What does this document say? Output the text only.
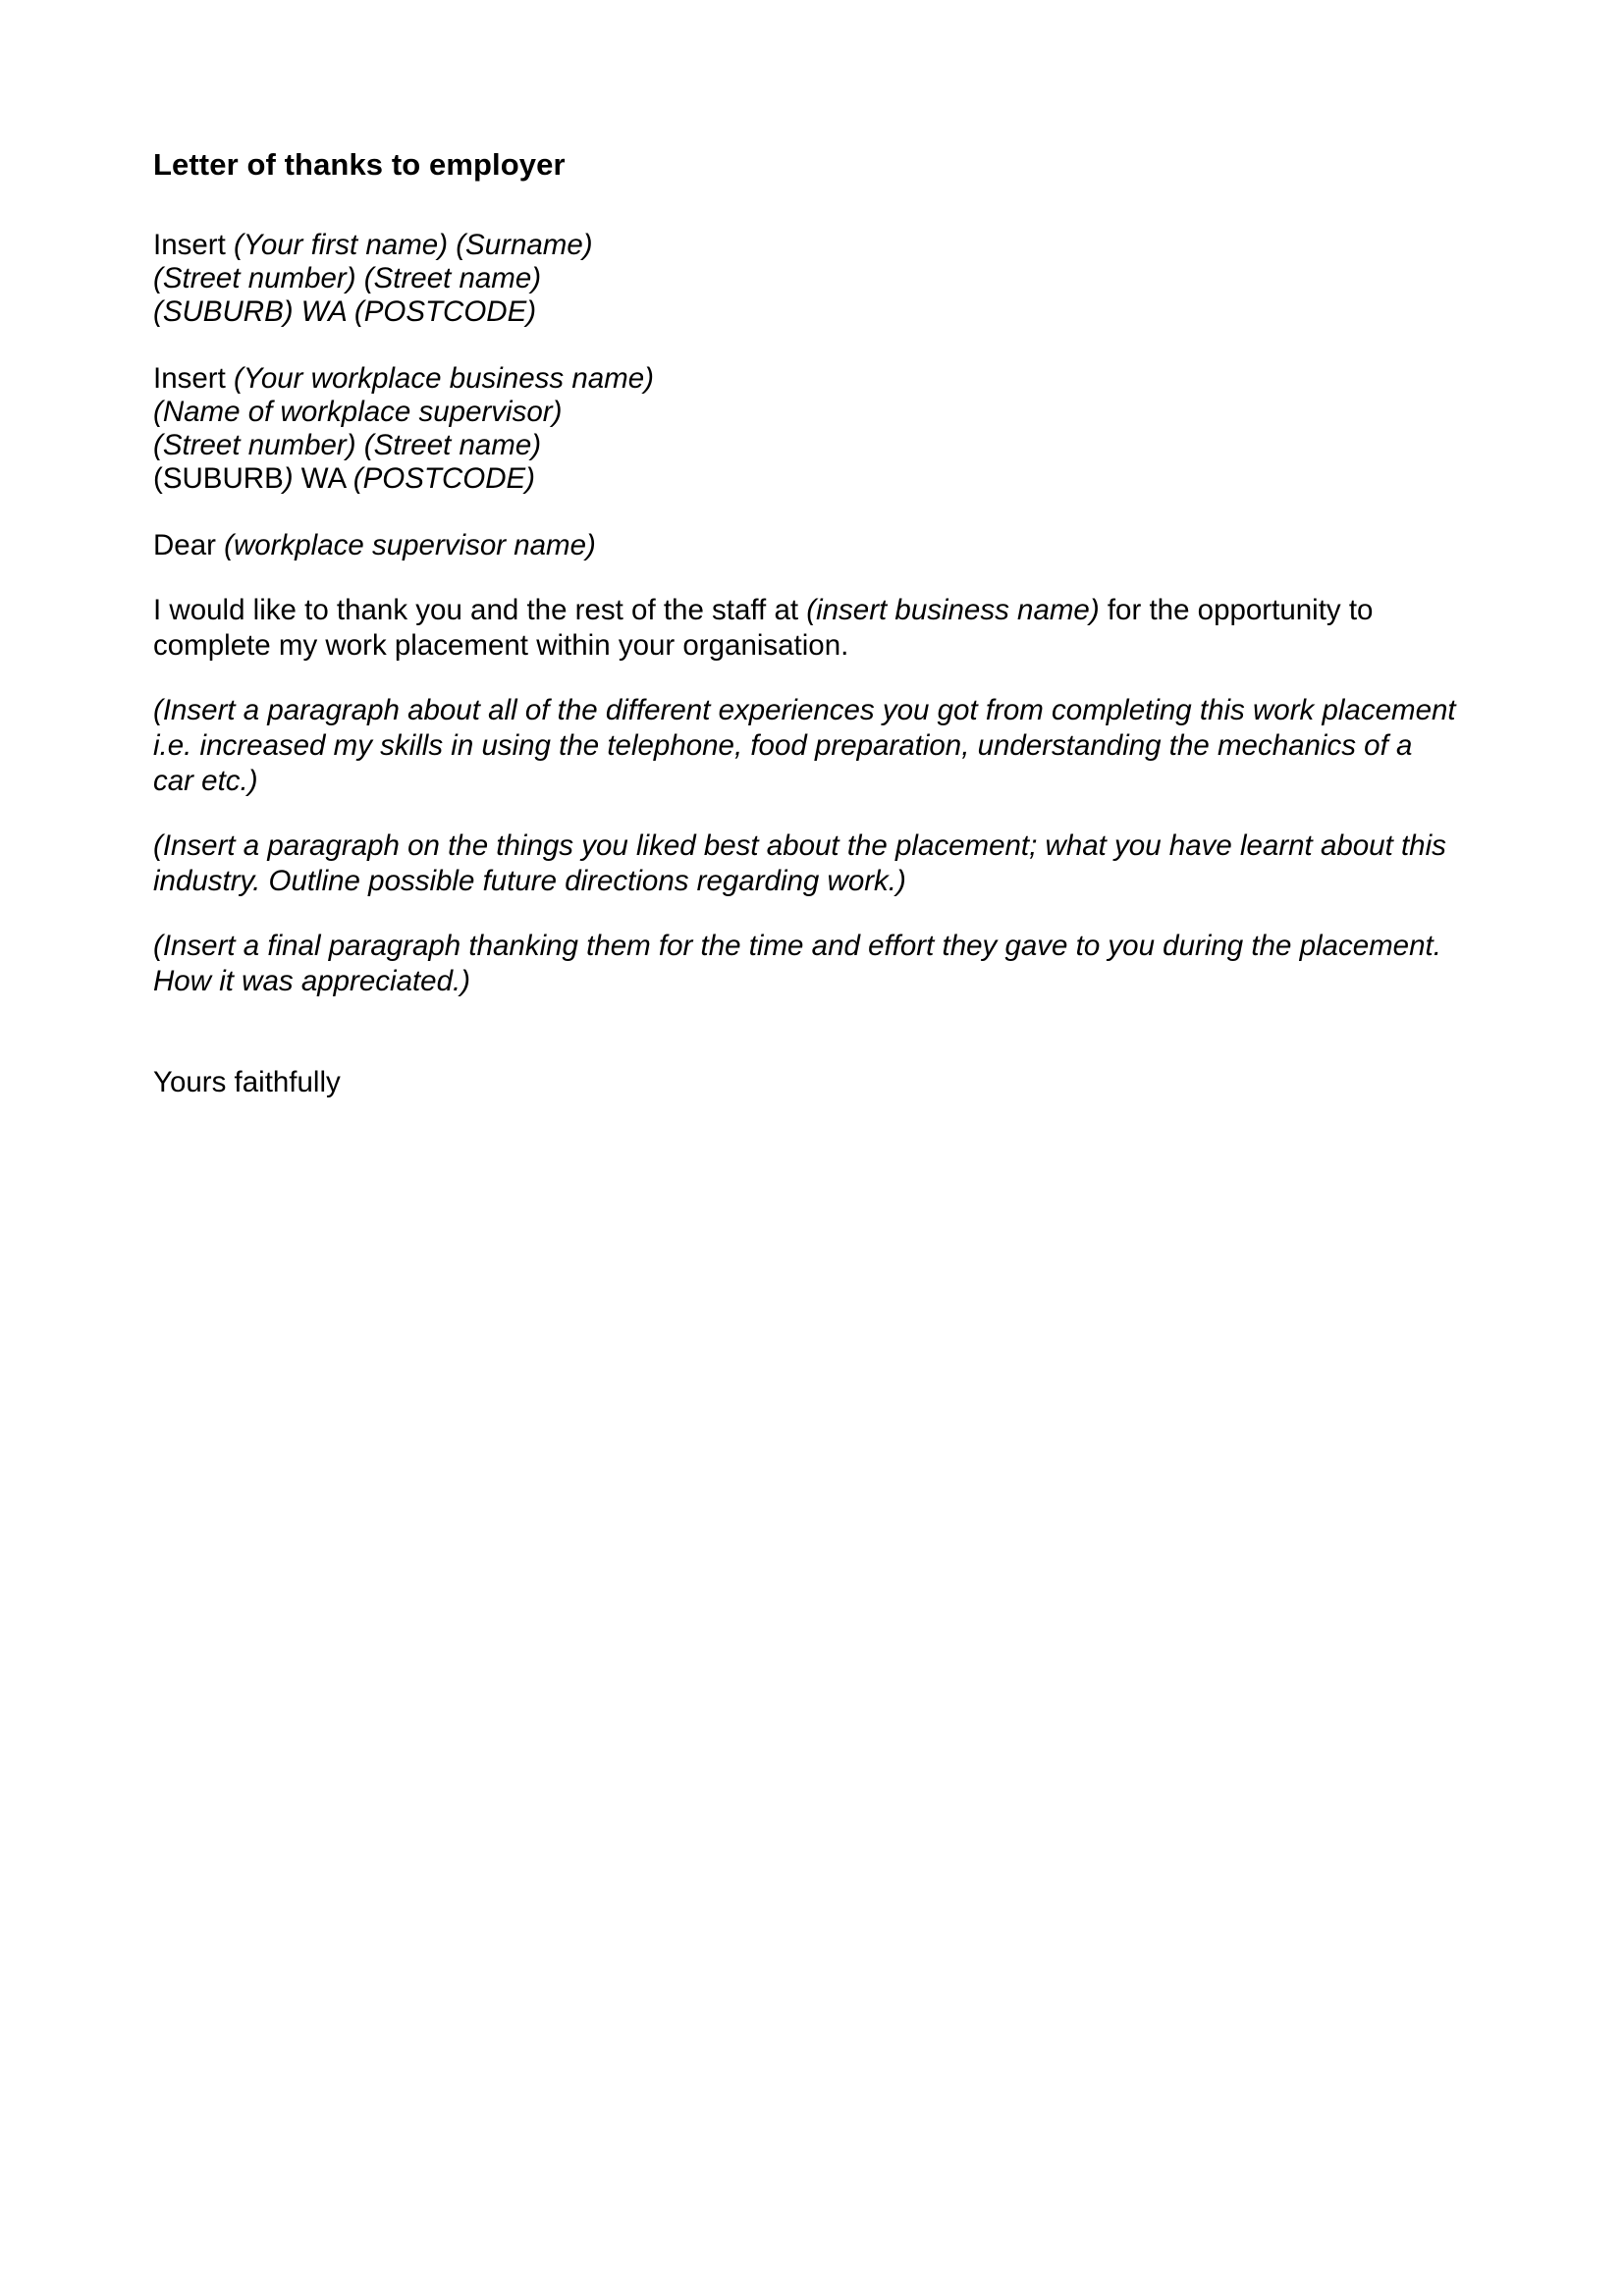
Letter of thanks to employer

Insert (Your first name) (Surname)
(Street number) (Street name)
(SUBURB) WA (POSTCODE)

Insert (Your workplace business name)
(Name of workplace supervisor)
(Street number) (Street name)
(SUBURB) WA (POSTCODE)

Dear (workplace supervisor name)

I would like to thank you and the rest of the staff at (insert business name) for the opportunity to complete my work placement within your organisation.

(Insert a paragraph about all of the different experiences you got from completing this work placement i.e. increased my skills in using the telephone, food preparation, understanding the mechanics of a car etc.)

(Insert a paragraph on the things you liked best about the placement; what you have learnt about this industry. Outline possible future directions regarding work.)

(Insert a final paragraph thanking them for the time and effort they gave to you during the placement. How it was appreciated.)

Yours faithfully
